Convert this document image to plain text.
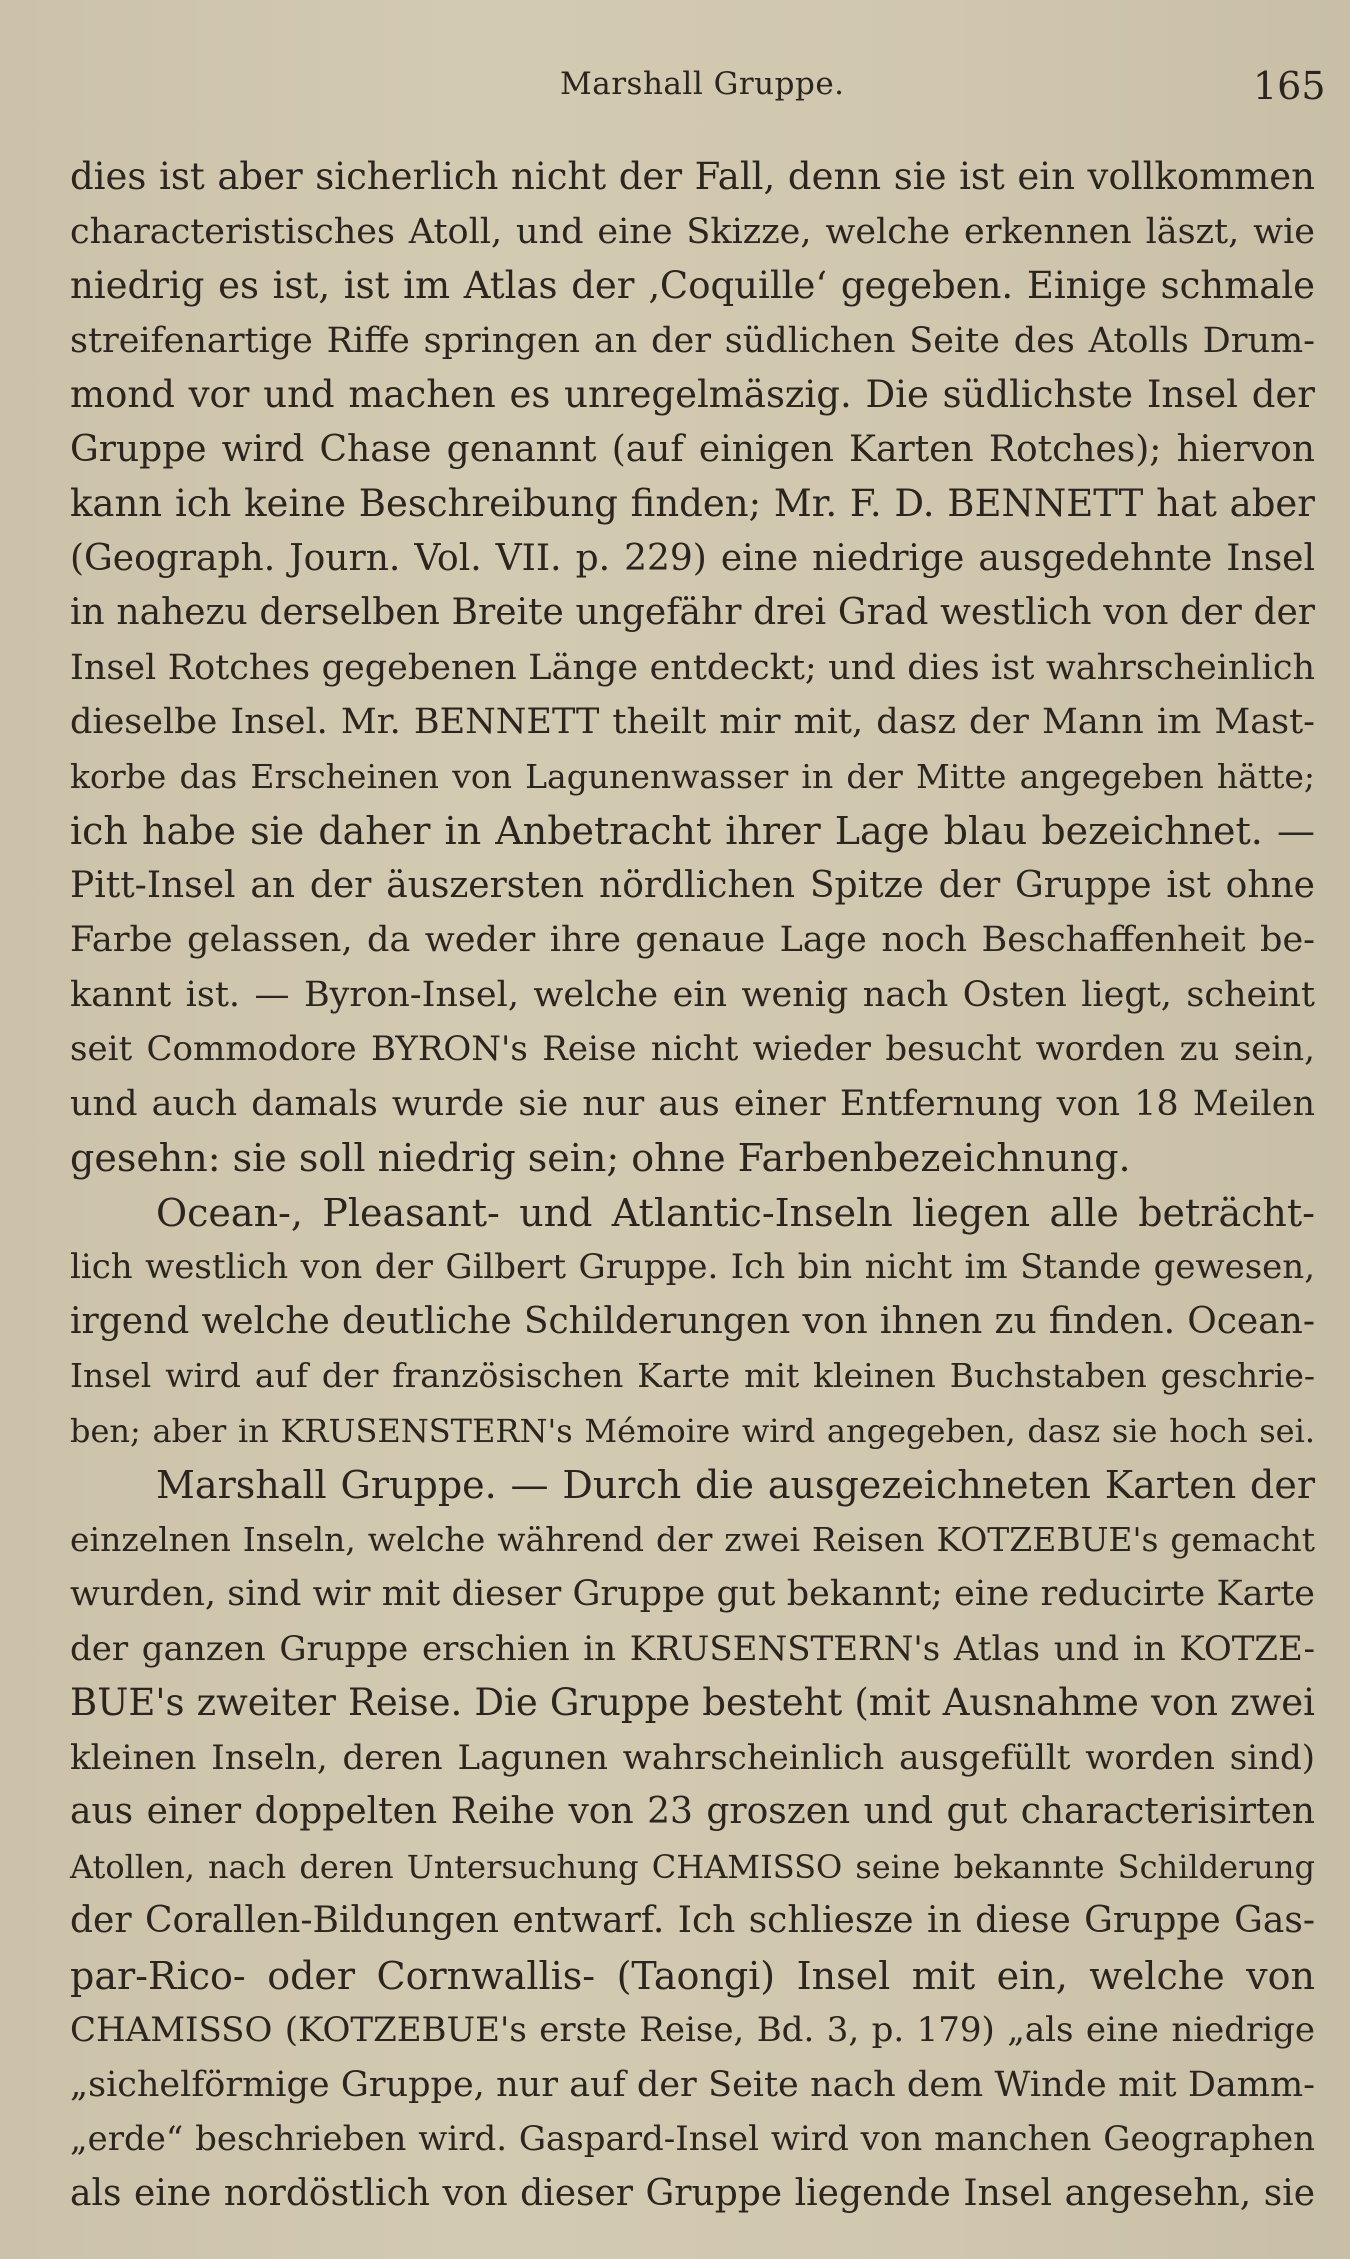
Marshall Gruppe.	165
dies ist aber sicherlich nicht der Fall, denn sie ist ein vollkommen
characteristisches Atoll, und eine Skizze, welche erkennen läszt, wie
niedrig es ist, ist im Atlas der ‚Coquille‘ gegeben. Einige schmale
streifenartige Riffe springen an der südlichen Seite des Atolls Drum-
mond vor und machen es unregelmäszig. Die südlichste Insel der
Gruppe wird Chase genannt (auf einigen Karten Rotches); hiervon
kann ich keine Beschreibung finden; Mr. F. D. BENNETT hat aber
(Geograph. Journ. Vol. VII. p. 229) eine niedrige ausgedehnte Insel
in nahezu derselben Breite ungefähr drei Grad westlich von der der
Insel Rotches gegebenen Länge entdeckt; und dies ist wahrscheinlich
dieselbe Insel. Mr. BENNETT theilt mir mit, dasz der Mann im Mast-
korbe das Erscheinen von Lagunenwasser in der Mitte angegeben hätte;
ich habe sie daher in Anbetracht ihrer Lage blau bezeichnet. —
Pitt-Insel an der äuszersten nördlichen Spitze der Gruppe ist ohne
Farbe gelassen, da weder ihre genaue Lage noch Beschaffenheit be-
kannt ist. — Byron-Insel, welche ein wenig nach Osten liegt, scheint
seit Commodore BYRON's Reise nicht wieder besucht worden zu sein,
und auch damals wurde sie nur aus einer Entfernung von 18 Meilen
gesehn: sie soll niedrig sein; ohne Farbenbezeichnung.
Ocean-, Pleasant- und Atlantic-Inseln liegen alle beträcht-
lich westlich von der Gilbert Gruppe. Ich bin nicht im Stande gewesen,
irgend welche deutliche Schilderungen von ihnen zu finden. Ocean-
Insel wird auf der französischen Karte mit kleinen Buchstaben geschrie-
ben; aber in KRUSENSTERN's Mémoire wird angegeben, dasz sie hoch sei.
Marshall Gruppe. — Durch die ausgezeichneten Karten der
einzelnen Inseln, welche während der zwei Reisen KOTZEBUE's gemacht
wurden, sind wir mit dieser Gruppe gut bekannt; eine reducirte Karte
der ganzen Gruppe erschien in KRUSENSTERN's Atlas und in KOTZE-
BUE's zweiter Reise. Die Gruppe besteht (mit Ausnahme von zwei
kleinen Inseln, deren Lagunen wahrscheinlich ausgefüllt worden sind)
aus einer doppelten Reihe von 23 groszen und gut characterisirten
Atollen, nach deren Untersuchung CHAMISSO seine bekannte Schilderung
der Corallen-Bildungen entwarf. Ich schliesze in diese Gruppe Gas-
par-Rico- oder Cornwallis- (Taongi) Insel mit ein, welche von
CHAMISSO (KOTZEBUE's erste Reise, Bd. 3, p. 179) „als eine niedrige
„sichelförmige Gruppe, nur auf der Seite nach dem Winde mit Damm-
„erde“ beschrieben wird. Gaspard-Insel wird von manchen Geographen
als eine nordöstlich von dieser Gruppe liegende Insel angesehn, sie
